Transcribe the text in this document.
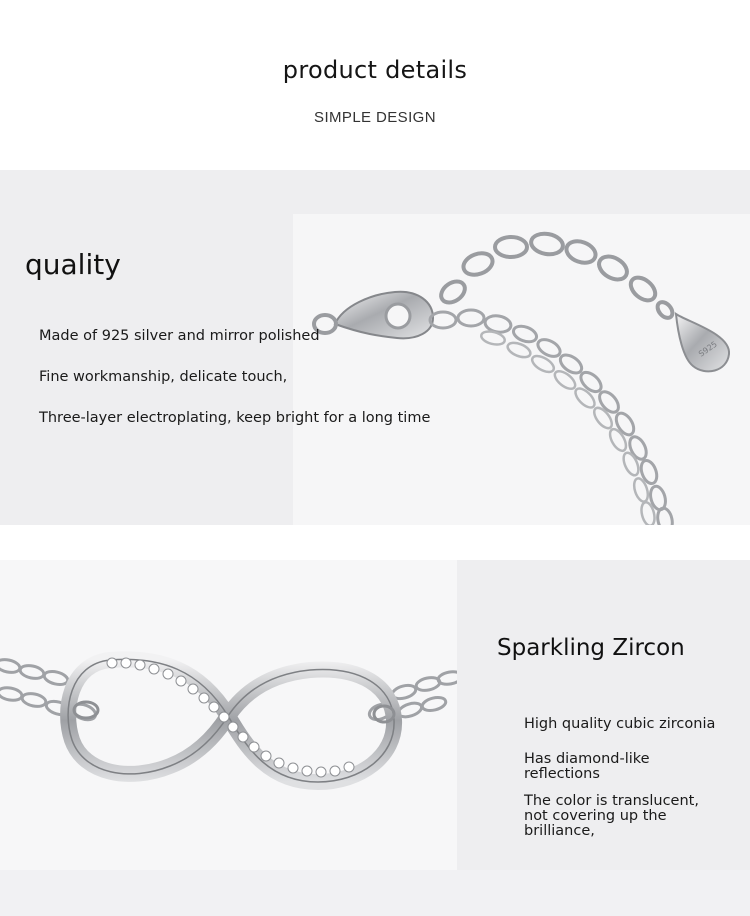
product details
SIMPLE DESIGN
S925
quality
Made of 925 silver and mirror polished
Fine workmanship, delicate touch,
Three-layer electroplating, keep bright for a long time
Sparkling Zircon
High quality cubic zirconia
Has diamond-like reflections
The color is translucent, not covering up the brilliance,
